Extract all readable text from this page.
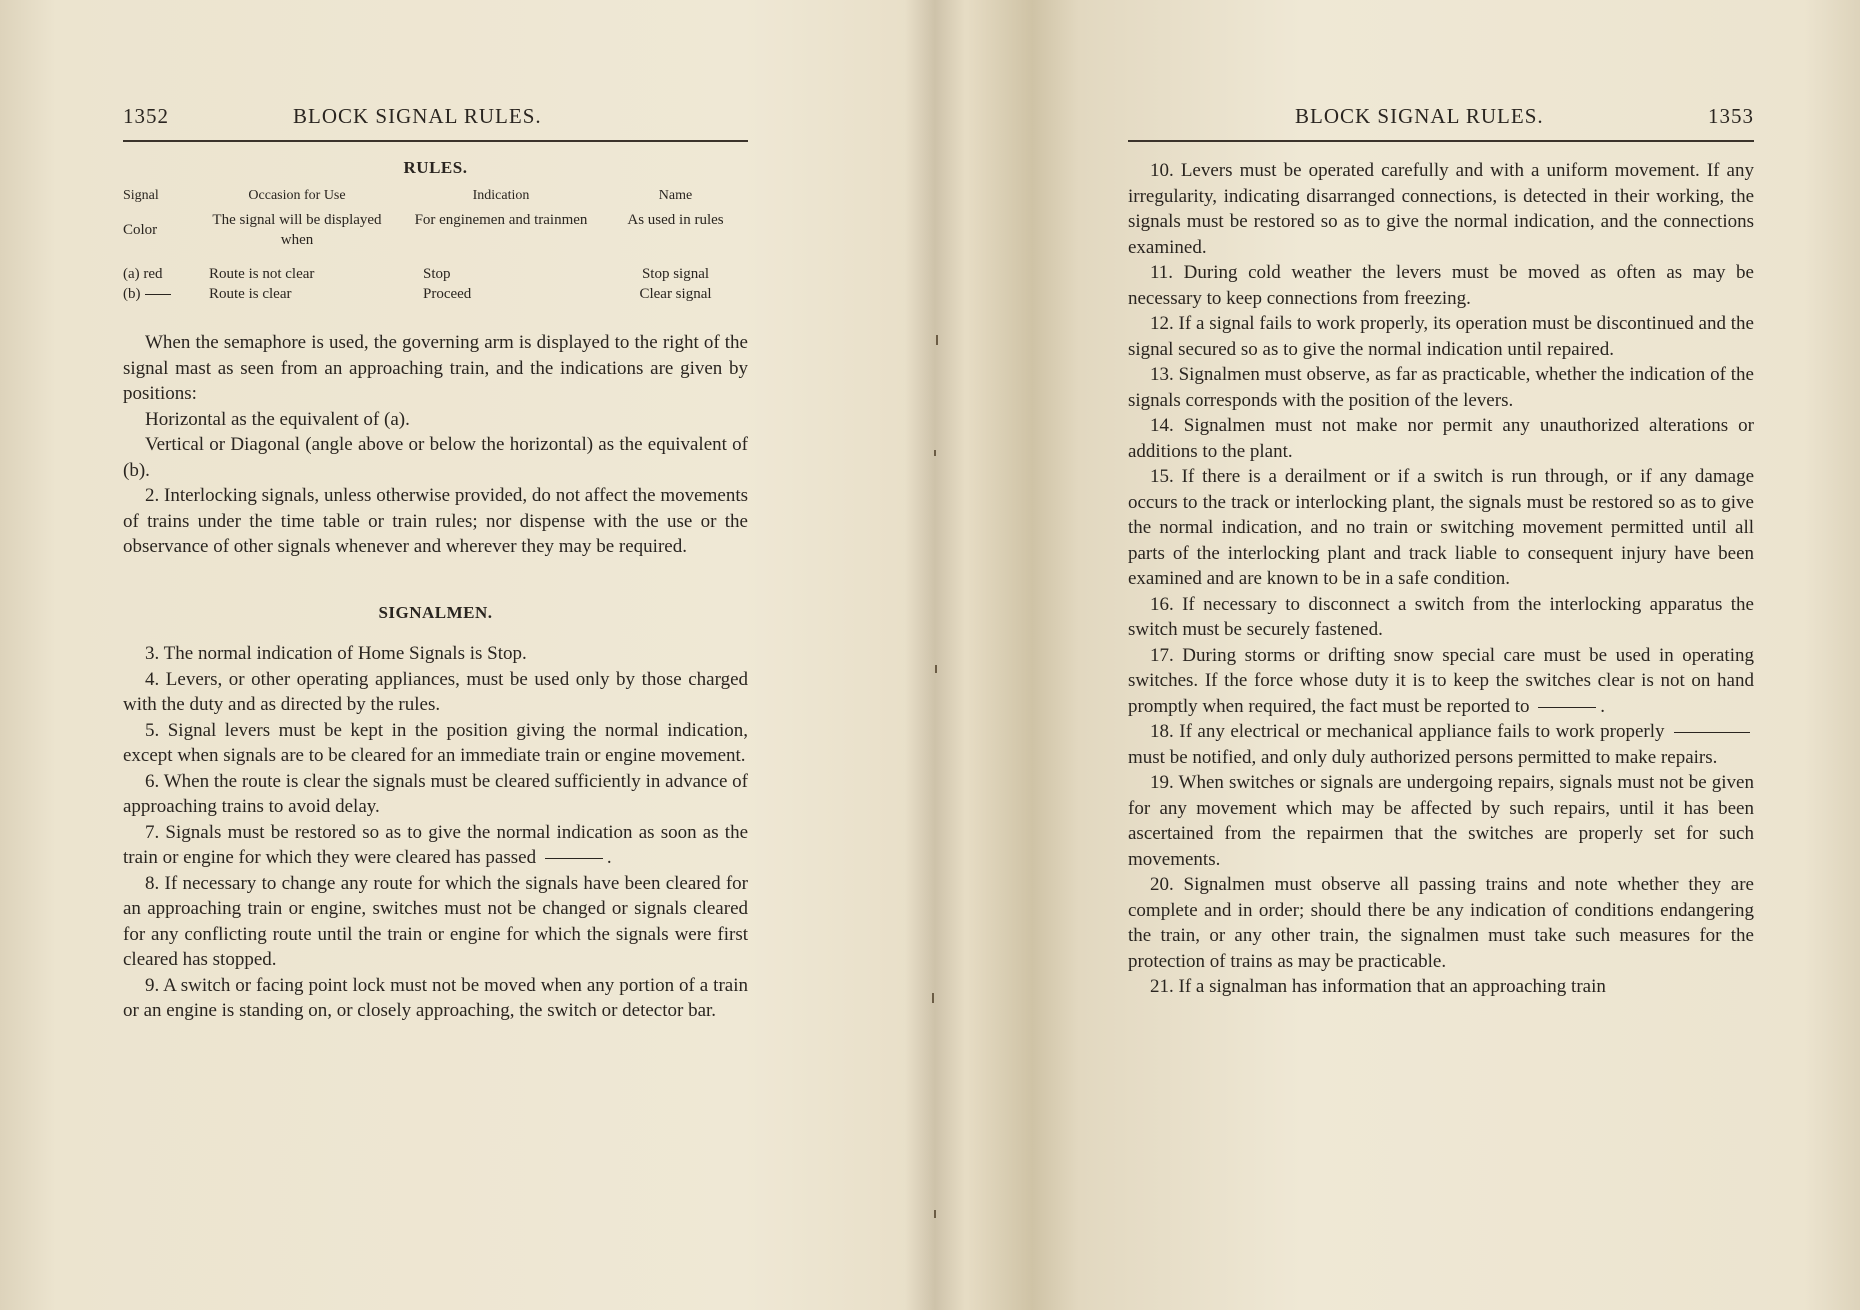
1352	BLOCK SIGNAL RULES.
RULES.
Signal	Occasion for Use	Indication	Name
Color	The signal will be displayed when	For enginemen and trainmen	As used in rules

(a) red	Route is not clear	Stop	Stop signal
(b)	Route is clear	Proceed	Clear signal

When the semaphore is used, the governing arm is displayed to the right of the signal mast as seen from an approaching train, and the indications are given by positions:

Horizontal as the equivalent of (a).

Vertical or Diagonal (angle above or below the horizontal) as the equivalent of (b).

2. Interlocking signals, unless otherwise provided, do not affect the movements of trains under the time table or train rules; nor dispense with the use or the observance of other signals whenever and wherever they may be required.

SIGNALMEN.

3. The normal indication of Home Signals is Stop.

4. Levers, or other operating appliances, must be used only by those charged with the duty and as directed by the rules.

5. Signal levers must be kept in the position giving the normal indication, except when signals are to be cleared for an immediate train or engine movement.

6. When the route is clear the signals must be cleared sufficiently in advance of approaching trains to avoid delay.

7. Signals must be restored so as to give the normal indication as soon as the train or engine for which they were cleared has passed	.

8. If necessary to change any route for which the signals have been cleared for an approaching train or engine, switches must not be changed or signals cleared for any conflicting route until the train or engine for which the signals were first cleared has stopped.

9. A switch or facing point lock must not be moved when any portion of a train or an engine is standing on, or closely approaching, the switch or detector bar.

BLOCK SIGNAL RULES.	1353

10. Levers must be operated carefully and with a uniform movement. If any irregularity, indicating disarranged connections, is detected in their working, the signals must be restored so as to give the normal indication, and the connections examined.

11. During cold weather the levers must be moved as often as may be necessary to keep connections from freezing.

12. If a signal fails to work properly, its operation must be discontinued and the signal secured so as to give the normal indication until repaired.

13. Signalmen must observe, as far as practicable, whether the indication of the signals corresponds with the position of the levers.

14. Signalmen must not make nor permit any unauthorized alterations or additions to the plant.

15. If there is a derailment or if a switch is run through, or if any damage occurs to the track or interlocking plant, the signals must be restored so as to give the normal indication, and no train or switching movement permitted until all parts of the interlocking plant and track liable to consequent injury have been examined and are known to be in a safe condition.

16. If necessary to disconnect a switch from the interlocking apparatus the switch must be securely fastened.

17. During storms or drifting snow special care must be used in operating switches. If the force whose duty it is to keep the switches clear is not on hand promptly when required, the fact must be reported to	.

18. If any electrical or mechanical appliance fails to work properly  must be notified, and only duly authorized persons permitted to make repairs.

19. When switches or signals are undergoing repairs, signals must not be given for any movement which may be affected by such repairs, until it has been ascertained from the repairmen that the switches are properly set for such movements.

20. Signalmen must observe all passing trains and note whether they are complete and in order; should there be any indication of conditions endangering the train, or any other train, the signalmen must take such measures for the protection of trains as may be practicable.

21. If a signalman has information that an approaching train
